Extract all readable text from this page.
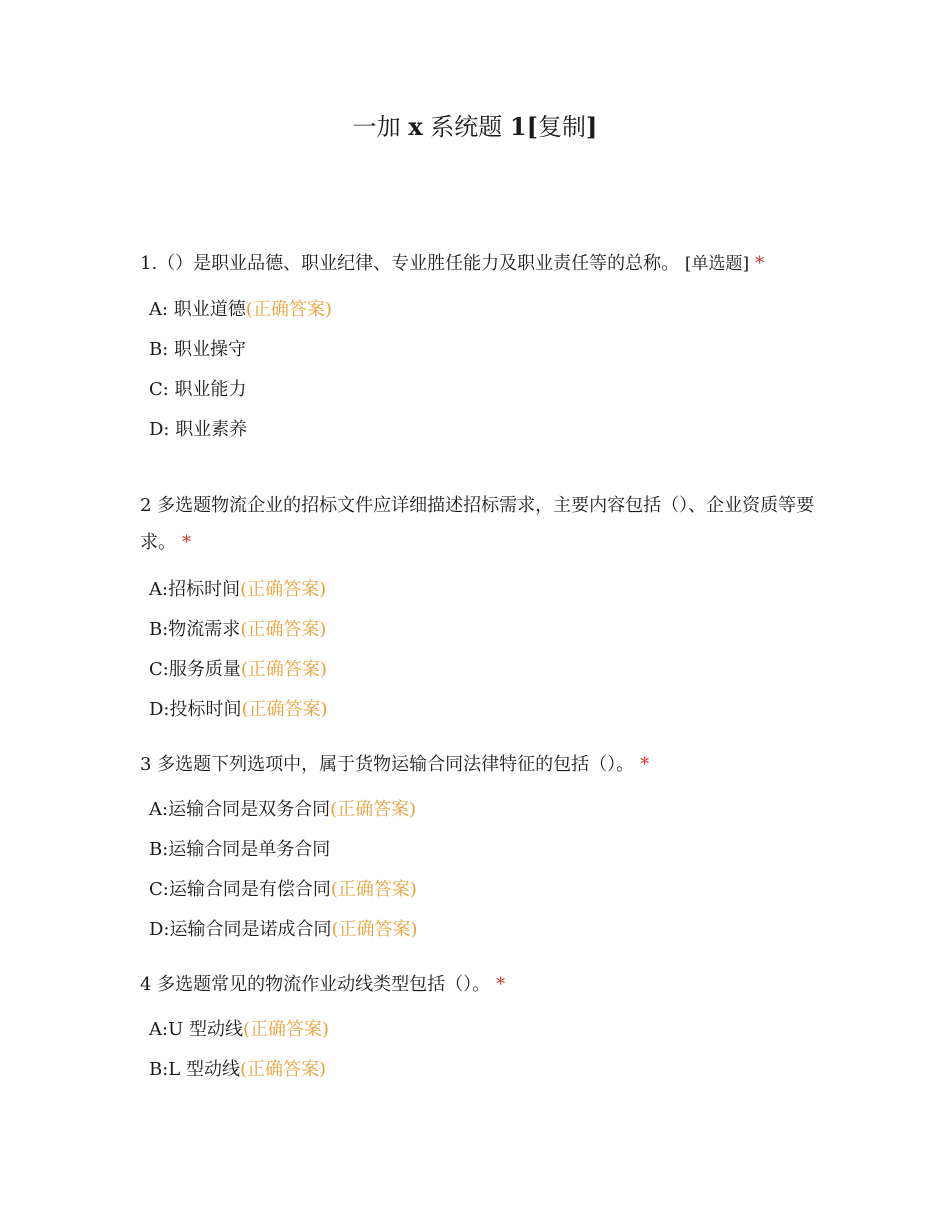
一加 x 系统题 1[复制]
1.（）是职业品德、职业纪律、专业胜任能力及职业责任等的总称。 [单选题] *
A: 职业道德(正确答案)
B: 职业操守
C: 职业能力
D: 职业素养
2 多选题物流企业的招标文件应详细描述招标需求，主要内容包括（）、企业资质等要求。 *
A:招标时间(正确答案)
B:物流需求(正确答案)
C:服务质量(正确答案)
D:投标时间(正确答案)
3 多选题下列选项中，属于货物运输合同法律特征的包括（）。 *
A:运输合同是双务合同(正确答案)
B:运输合同是单务合同
C:运输合同是有偿合同(正确答案)
D:运输合同是诺成合同(正确答案)
4 多选题常见的物流作业动线类型包括（）。 *
A:U 型动线(正确答案)
B:L 型动线(正确答案)
